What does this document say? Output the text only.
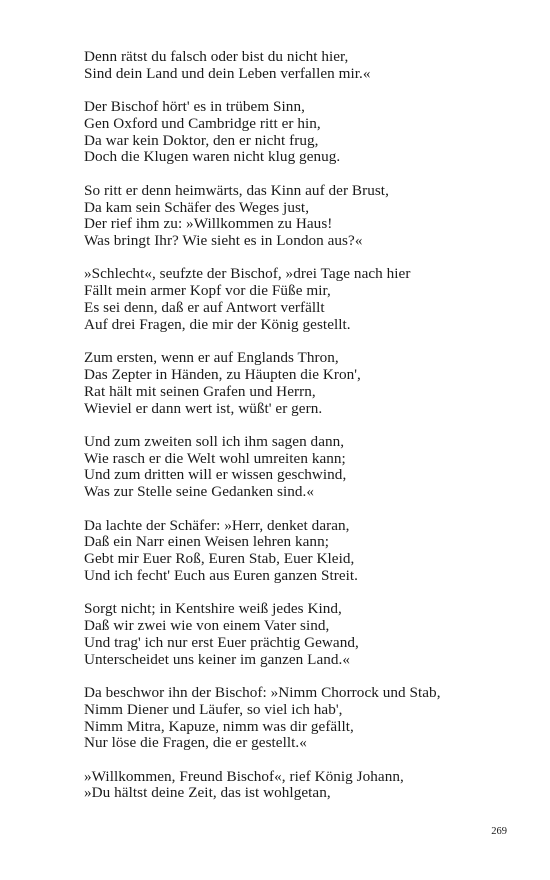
Denn rätst du falsch oder bist du nicht hier,
Sind dein Land und dein Leben verfallen mir.«
Der Bischof hört' es in trübem Sinn,
Gen Oxford und Cambridge ritt er hin,
Da war kein Doktor, den er nicht frug,
Doch die Klugen waren nicht klug genug.
So ritt er denn heimwärts, das Kinn auf der Brust,
Da kam sein Schäfer des Weges just,
Der rief ihm zu: »Willkommen zu Haus!
Was bringt Ihr? Wie sieht es in London aus?«
»Schlecht«, seufzte der Bischof, »drei Tage nach hier
Fällt mein armer Kopf vor die Füße mir,
Es sei denn, daß er auf Antwort verfällt
Auf drei Fragen, die mir der König gestellt.
Zum ersten, wenn er auf Englands Thron,
Das Zepter in Händen, zu Häupten die Kron',
Rat hält mit seinen Grafen und Herrn,
Wieviel er dann wert ist, wüßt' er gern.
Und zum zweiten soll ich ihm sagen dann,
Wie rasch er die Welt wohl umreiten kann;
Und zum dritten will er wissen geschwind,
Was zur Stelle seine Gedanken sind.«
Da lachte der Schäfer: »Herr, denket daran,
Daß ein Narr einen Weisen lehren kann;
Gebt mir Euer Roß, Euren Stab, Euer Kleid,
Und ich fecht' Euch aus Euren ganzen Streit.
Sorgt nicht; in Kentshire weiß jedes Kind,
Daß wir zwei wie von einem Vater sind,
Und trag' ich nur erst Euer prächtig Gewand,
Unterscheidet uns keiner im ganzen Land.«
Da beschwor ihn der Bischof: »Nimm Chorrock und Stab,
Nimm Diener und Läufer, so viel ich hab',
Nimm Mitra, Kapuze, nimm was dir gefällt,
Nur löse die Fragen, die er gestellt.«
»Willkommen, Freund Bischof«, rief König Johann,
»Du hältst deine Zeit, das ist wohlgetan,
269
